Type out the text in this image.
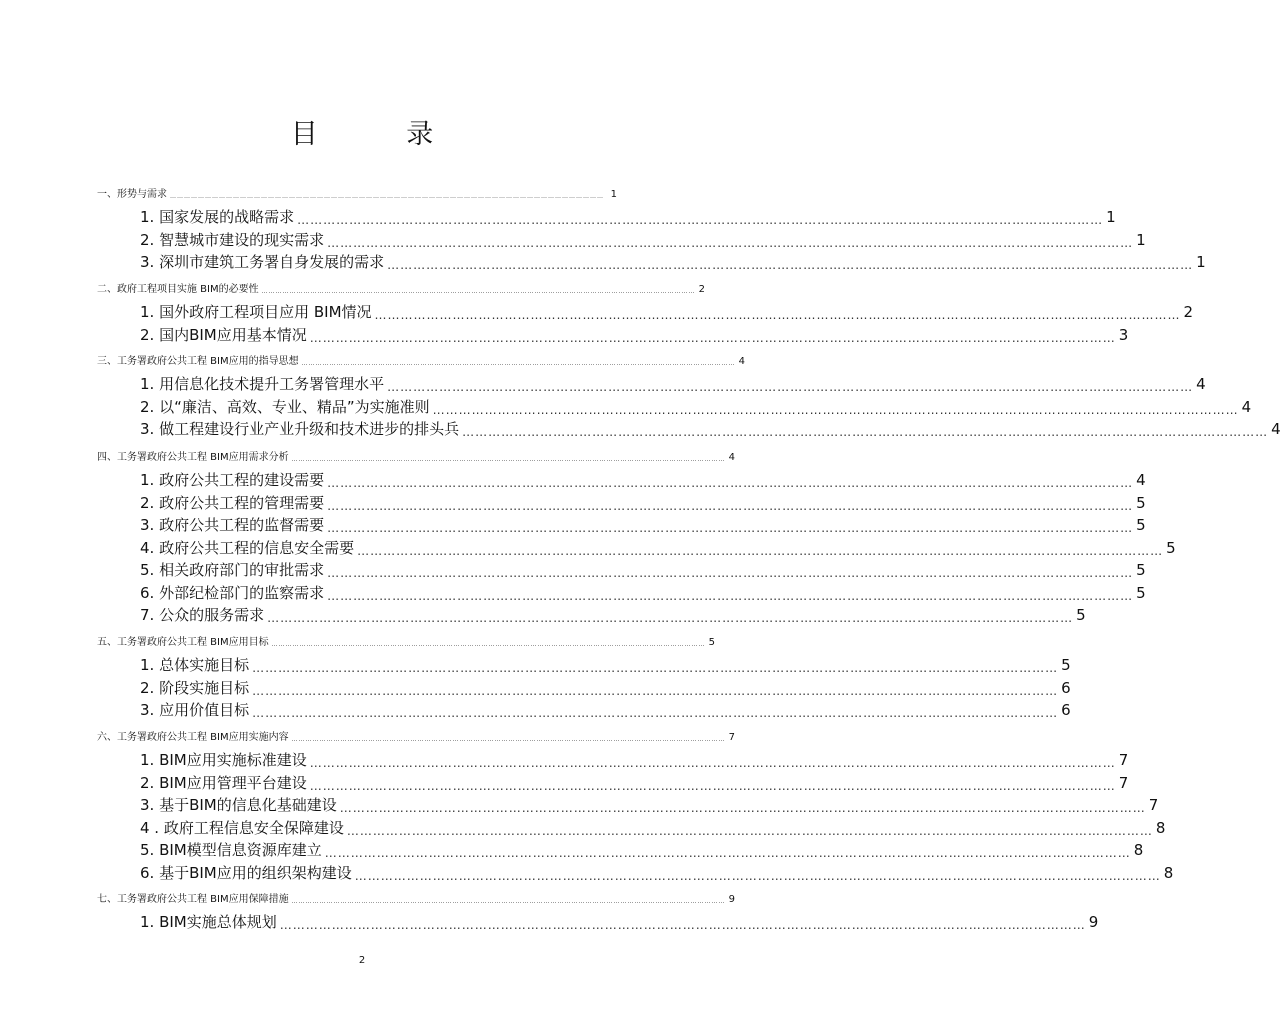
目 录
一、形势与需求 …………………………………………………………………………………………………………………………………………………………………… 1
1. 国家发展的战略需求 …………………………………………………………………………………………………………………………………………………………………… 1
2. 智慧城市建设的现实需求 …………………………………………………………………………………………………………………………………………………………………… 1
3. 深圳市建筑工务署自身发展的需求 …………………………………………………………………………………………………………………………………………………………………… 1
二、政府工程项目实施 BIM的必要性 …………………………………………………………………………………………………………………………………………………………………… 2
1. 国外政府工程项目应用 BIM情况 …………………………………………………………………………………………………………………………………………………………………… 2
2. 国内BIM应用基本情况 …………………………………………………………………………………………………………………………………………………………………… 3
三、工务署政府公共工程 BIM应用的指导思想 …………………………………………………………………………………………………………………………………………………………………… 4
1. 用信息化技术提升工务署管理水平 …………………………………………………………………………………………………………………………………………………………………… 4
2. 以“廉洁、高效、专业、精品”为实施准则 …………………………………………………………………………………………………………………………………………………………………… 4
3. 做工程建设行业产业升级和技术进步的排头兵 …………………………………………………………………………………………………………………………………………………………………… 4
四、工务署政府公共工程 BIM应用需求分析 …………………………………………………………………………………………………………………………………………………………………… 4
1. 政府公共工程的建设需要 …………………………………………………………………………………………………………………………………………………………………… 4
2. 政府公共工程的管理需要 …………………………………………………………………………………………………………………………………………………………………… 5
3. 政府公共工程的监督需要 …………………………………………………………………………………………………………………………………………………………………… 5
4. 政府公共工程的信息安全需要 …………………………………………………………………………………………………………………………………………………………………… 5
5. 相关政府部门的审批需求 …………………………………………………………………………………………………………………………………………………………………… 5
6. 外部纪检部门的监察需求 …………………………………………………………………………………………………………………………………………………………………… 5
7. 公众的服务需求 …………………………………………………………………………………………………………………………………………………………………… 5
五、工务署政府公共工程 BIM应用目标 …………………………………………………………………………………………………………………………………………………………………… 5
1. 总体实施目标 …………………………………………………………………………………………………………………………………………………………………… 5
2. 阶段实施目标 …………………………………………………………………………………………………………………………………………………………………… 6
3. 应用价值目标 …………………………………………………………………………………………………………………………………………………………………… 6
六、工务署政府公共工程 BIM应用实施内容 …………………………………………………………………………………………………………………………………………………………………… 7
1. BIM应用实施标准建设 …………………………………………………………………………………………………………………………………………………………………… 7
2. BIM应用管理平台建设 …………………………………………………………………………………………………………………………………………………………………… 7
3. 基于BIM的信息化基础建设 …………………………………………………………………………………………………………………………………………………………………… 7
4 . 政府工程信息安全保障建设 …………………………………………………………………………………………………………………………………………………………………… 8
5. BIM模型信息资源库建立 …………………………………………………………………………………………………………………………………………………………………… 8
6. 基于BIM应用的组织架构建设 …………………………………………………………………………………………………………………………………………………………………… 8
七、工务署政府公共工程 BIM应用保障措施 …………………………………………………………………………………………………………………………………………………………………… 9
1. BIM实施总体规划 …………………………………………………………………………………………………………………………………………………………………… 9
2
